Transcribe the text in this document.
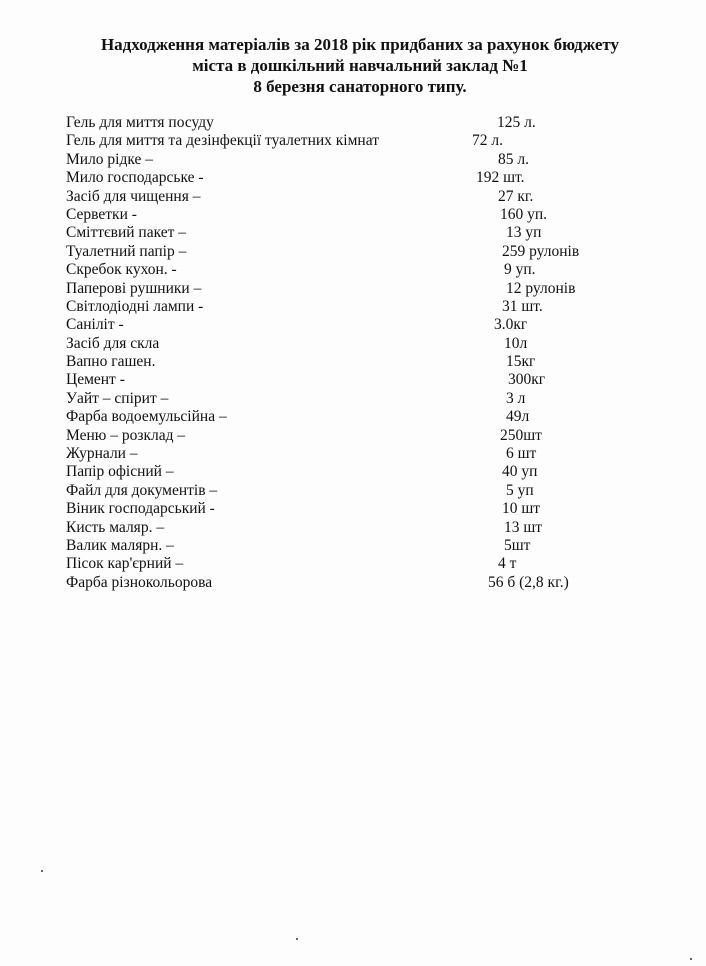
Надходження матеріалів за 2018 рік придбаних за рахунок бюджету
міста в дошкільний навчальний заклад №1
8 березня санаторного типу.
Гель для миття посуду	125 л.
Гель для миття та дезінфекції туалетних кімнат	72 л.
Мило рідке –	85 л.
Мило господарське -	192 шт.
Засіб для чищення –	27 кг.
Серветки -	160 уп.
Сміттєвий пакет –	13 уп
Туалетний папір –	259 рулонів
Скребок кухон. -	9 уп.
Паперові рушники –	12 рулонів
Світлодіодні лампи -	31 шт.
Саніліт -	3.0кг
Засіб для скла	10л
Вапно гашен.	15кг
Цемент -	300кг
Уайт – спірит –	3 л
Фарба водоемульсійна –	49л
Меню – розклад –	250шт
Журнали –	6 шт
Папір офісний –	40 уп
Файл для документів –	5 уп
Віник господарський -	10 шт
Кисть маляр. –	13 шт
Валик малярн. –	5шт
Пісок кар'єрний –	4 т
Фарба різнокольорова	56 б (2,8 кг.)
